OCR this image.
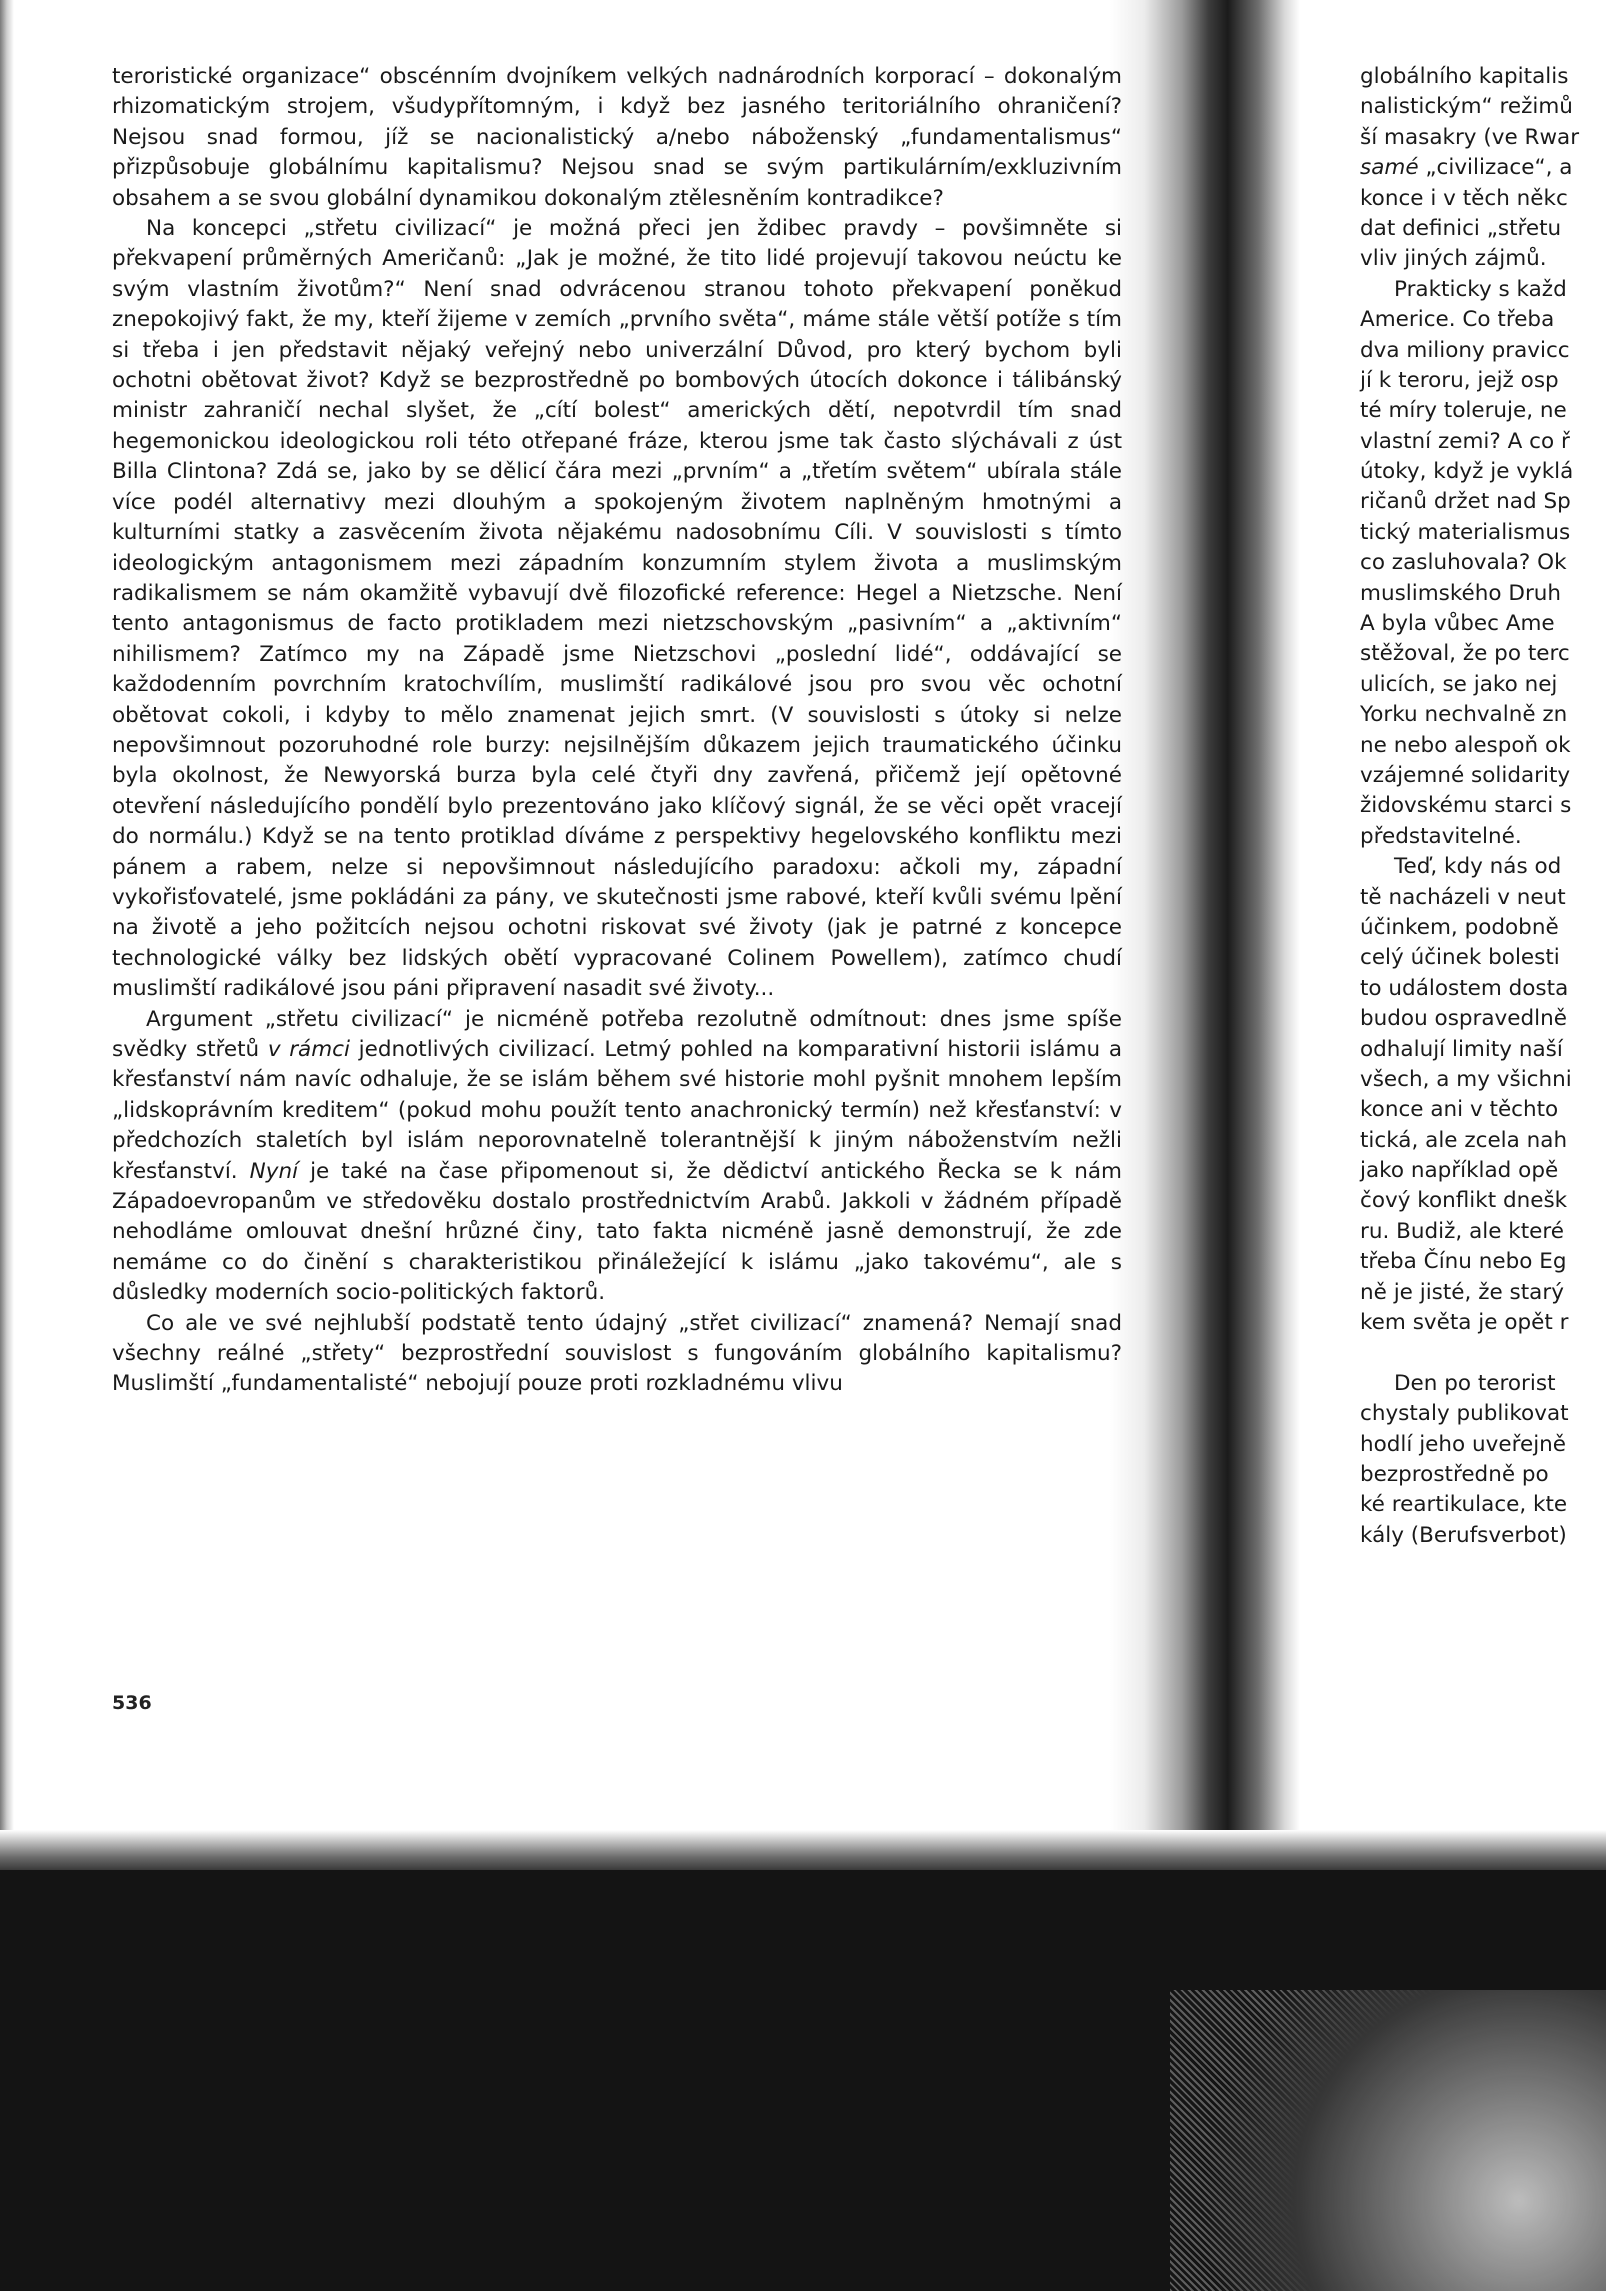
teroristické organizace“ obscénním dvojníkem velkých nadnárodních korporací – dokonalým rhizomatickým strojem, všudypřítomným, i když bez jasného teritoriálního ohraničení? Nejsou snad formou, jíž se nacionalistický a/nebo náboženský „fundamentalismus“ přizpůsobuje globálnímu kapitalismu? Nejsou snad se svým partikulárním/exkluzivním obsahem a se svou globální dynamikou dokonalým ztělesněním kontradikce?

Na koncepci „střetu civilizací“ je možná přeci jen ždibec pravdy – povšimněte si překvapení průměrných Američanů: „Jak je možné, že tito lidé projevují takovou neúctu ke svým vlastním životům?“ Není snad odvrácenou stranou tohoto překvapení poněkud znepokojivý fakt, že my, kteří žijeme v zemích „prvního světa“, máme stále větší potíže s tím si třeba i jen představit nějaký veřejný nebo univerzální Důvod, pro který bychom byli ochotni obětovat život? Když se bezprostředně po bombových útocích dokonce i tálibánský ministr zahraničí nechal slyšet, že „cítí bolest“ amerických dětí, nepotvrdil tím snad hegemonickou ideologickou roli této otřepané fráze, kterou jsme tak často slýchávali z úst Billa Clintona? Zdá se, jako by se dělicí čára mezi „prvním“ a „třetím světem“ ubírala stále více podél alternativy mezi dlouhým a spokojeným životem naplněným hmotnými a kulturními statky a zasvěcením života nějakému nadosobnímu Cíli. V souvislosti s tímto ideologickým antagonismem mezi západním konzumním stylem života a muslimským radikalismem se nám okamžitě vybavují dvě filozofické reference: Hegel a Nietzsche. Není tento antagonismus de facto protikladem mezi nietzschovským „pasivním“ a „aktivním“ nihilismem? Zatímco my na Západě jsme Nietzschovi „poslední lidé“, oddávající se každodenním povrchním kratochvílím, muslimští radikálové jsou pro svou věc ochotní obětovat cokoli, i kdyby to mělo znamenat jejich smrt. (V souvislosti s útoky si nelze nepovšimnout pozoruhodné role burzy: nejsilnějším důkazem jejich traumatického účinku byla okolnost, že Newyorská burza byla celé čtyři dny zavřená, přičemž její opětovné otevření následujícího pondělí bylo prezentováno jako klíčový signál, že se věci opět vracejí do normálu.) Když se na tento protiklad díváme z perspektivy hegelovského konfliktu mezi pánem a rabem, nelze si nepovšimnout následujícího paradoxu: ačkoli my, západní vykořisťovatelé, jsme pokládáni za pány, ve skutečnosti jsme rabové, kteří kvůli svému lpění na životě a jeho požitcích nejsou ochotni riskovat své životy (jak je patrné z koncepce technologické války bez lidských obětí vypracované Colinem Powellem), zatímco chudí muslimští radikálové jsou páni připravení nasadit své životy...

Argument „střetu civilizací“ je nicméně potřeba rezolutně odmítnout: dnes jsme spíše svědky střetů v rámci jednotlivých civilizací. Letmý pohled na komparativní historii islámu a křesťanství nám navíc odhaluje, že se islám během své historie mohl pyšnit mnohem lepším „lidskoprávním kreditem“ (pokud mohu použít tento anachronický termín) než křesťanství: v předchozích staletích byl islám neporovnatelně tolerantnější k jiným náboženstvím nežli křesťanství. Nyní je také na čase připomenout si, že dědictví antického Řecka se k nám Západoevropanům ve středověku dostalo prostřednictvím Arabů. Jakkoli v žádném případě nehodláme omlouvat dnešní hrůzné činy, tato fakta nicméně jasně demonstrují, že zde nemáme co do činění s charakteristikou přináležející k islámu „jako takovému“, ale s důsledky moderních socio-politických faktorů.

Co ale ve své nejhlubší podstatě tento údajný „střet civilizací“ znamená? Nemají snad všechny reálné „střety“ bezprostřední souvislost s fungováním globálního kapitalismu? Muslimští „fundamentalisté“ nebojují pouze proti rozkladnému vlivu

536
globálního kapitalis
nalistickým“ režimů
ší masakry (ve Rwar
samé „civilizace“, a
konce i v těch někc
dat definici „střetu
vliv jiných zájmů.
Prakticky s každ
Americe. Co třeba
dva miliony pravicc
jí k teroru, jejž osp
té míry toleruje, ne
vlastní zemi? A co ř
útoky, když je vyklá
ričanů držet nad Sp
tický materialismus
co zasluhovala? Ok
muslimského Druh
A byla vůbec Ame
stěžoval, že po terc
ulicích, se jako nej
Yorku nechvalně zn
ne nebo alespoň ok
vzájemné solidarity
židovskému starci s
představitelné.
Teď, kdy nás od
tě nacházeli v neut
účinkem, podobně
celý účinek bolesti
to událostem dosta
budou ospravedlně
odhalují limity naší
všech, a my všichni
konce ani v těchto
tická, ale zcela nah
jako například opě
čový konflikt dnešk
ru. Budiž, ale které
třeba Čínu nebo Eg
ně je jisté, že starý
kem světa je opět r
Den po terorist
chystaly publikovat
hodlí jeho uveřejně
bezprostředně po
ké reartikulace, kte
kály (Berufsverbot)
